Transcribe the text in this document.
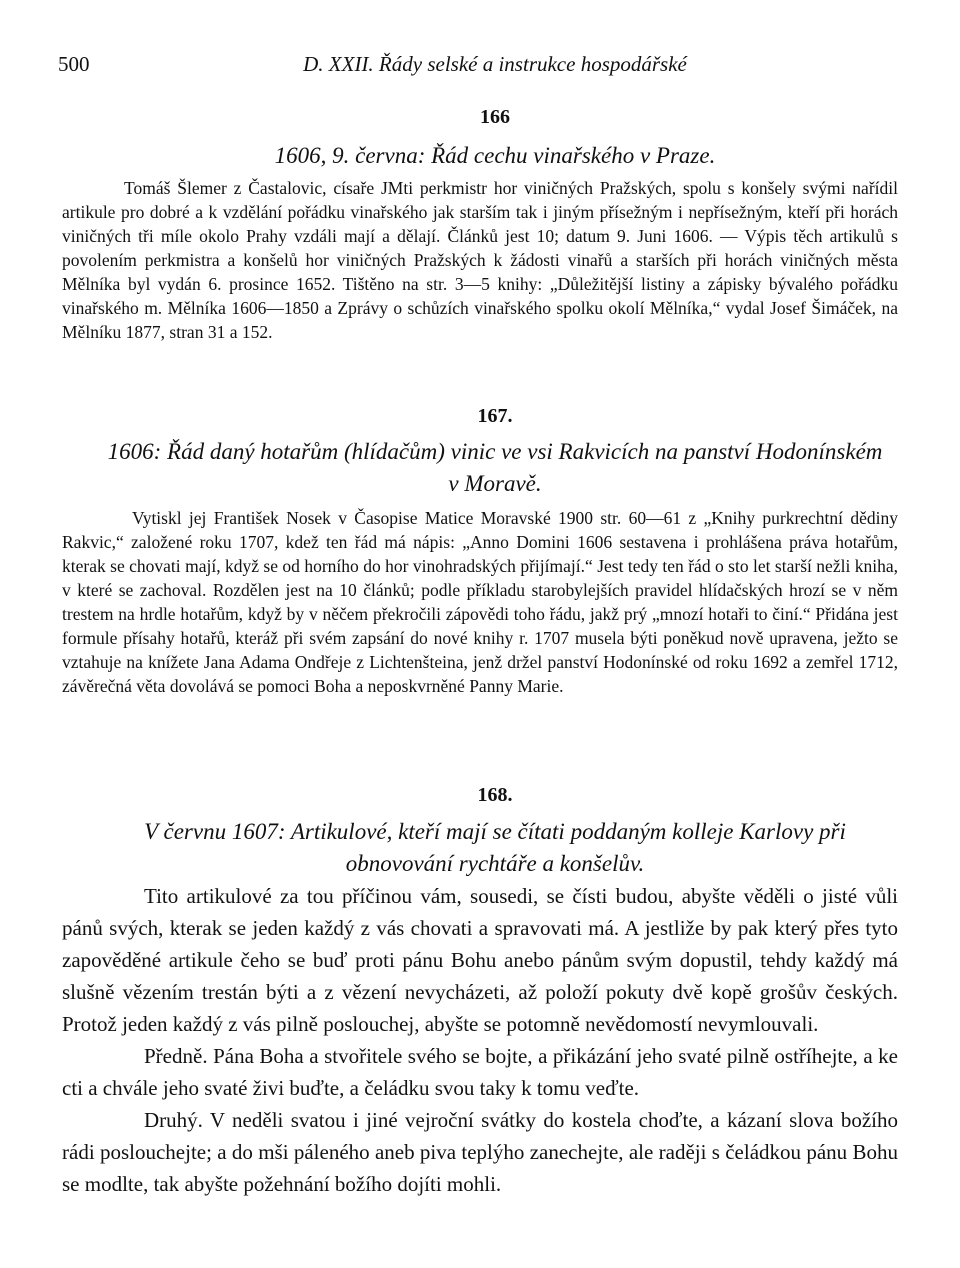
500	D. XXII. Řády selské a instrukce hospodářské
166
1606, 9. června: Řád cechu vinařského v Praze.

Tomáš Šlemer z Častalovic, císaře JMti perkmistr hor viničných Pražských, spolu s konšely svými nařídil artikule pro dobré a k vzdělání pořádku vinařského jak starším tak i jiným přísežným i nepřísežným, kteří při horách viničných tři míle okolo Prahy vzdáli mají a dělají. Článků jest 10; datum 9. Juni 1606. — Výpis těch artikulů s povolením perkmistra a konšelů hor viničných Pražských k žádosti vinařů a starších při horách viničných města Mělníka byl vydán 6. prosince 1652. Tištěno na str. 3—5 knihy: „Důležitější listiny a zápisky bývalého pořádku vinařského m. Mělníka 1606—1850 a Zprávy o schůzích vinařského spolku okolí Mělníka,“ vydal Josef Šimáček, na Mělníku 1877, stran 31 a 152.

167.
1606: Řád daný hotařům (hlídačům) vinic ve vsi Rakvicích na panství Hodonínském v Moravě.

Vytiskl jej František Nosek v Časopise Matice Moravské 1900 str. 60—61 z „Knihy purkrechtní dědiny Rakvic,“ založené roku 1707, kdež ten řád má nápis: „Anno Domini 1606 sestavena i prohlášena práva hotařům, kterak se chovati mají, když se od horního do hor vinohradských přijímají.“ Jest tedy ten řád o sto let starší nežli kniha, v které se zachoval. Rozdělen jest na 10 článků; podle příkladu starobylejších pravidel hlídačských hrozí se v něm trestem na hrdle hotařům, když by v něčem překročili zápovědi toho řádu, jakž prý „mnozí hotaři to činí.“ Přidána jest formule přísahy hotařů, kteráž při svém zapsání do nové knihy r. 1707 musela býti poněkud nově upravena, ježto se vztahuje na knížete Jana Adama Ondřeje z Lichtenšteina, jenž držel panství Hodonínské od roku 1692 a zemřel 1712, závěrečná věta dovolává se pomoci Boha a neposkvrněné Panny Marie.

168.
V červnu 1607: Artikulové, kteří mají se čítati poddaným kolleje Karlovy při obnovování rychtáře a konšelův.

Tito artikulové za tou příčinou vám, sousedi, se čísti budou, abyšte věděli o jisté vůli pánů svých, kterak se jeden každý z vás chovati a spravovati má. A jestliže by pak který přes tyto zapověděné artikule čeho se buď proti pánu Bohu anebo pánům svým dopustil, tehdy každý má slušně vězením trestán býti a z vězení nevycházeti, až položí pokuty dvě kopě grošův českých. Protož jeden každý z vás pilně poslouchej, abyšte se potomně nevědomostí nevymlouvali.

Předně. Pána Boha a stvořitele svého se bojte, a přikázání jeho svaté pilně ostříhejte, a ke cti a chvále jeho svaté živi buďte, a čeládku svou taky k tomu veďte.

Druhý. V neděli svatou i jiné vejroční svátky do kostela choďte, a kázaní slova božího rádi poslouchejte; a do mši páleného aneb piva teplýho zanechejte, ale raději s čeládkou pánu Bohu se modlte, tak abyšte požehnání božího dojíti mohli.
